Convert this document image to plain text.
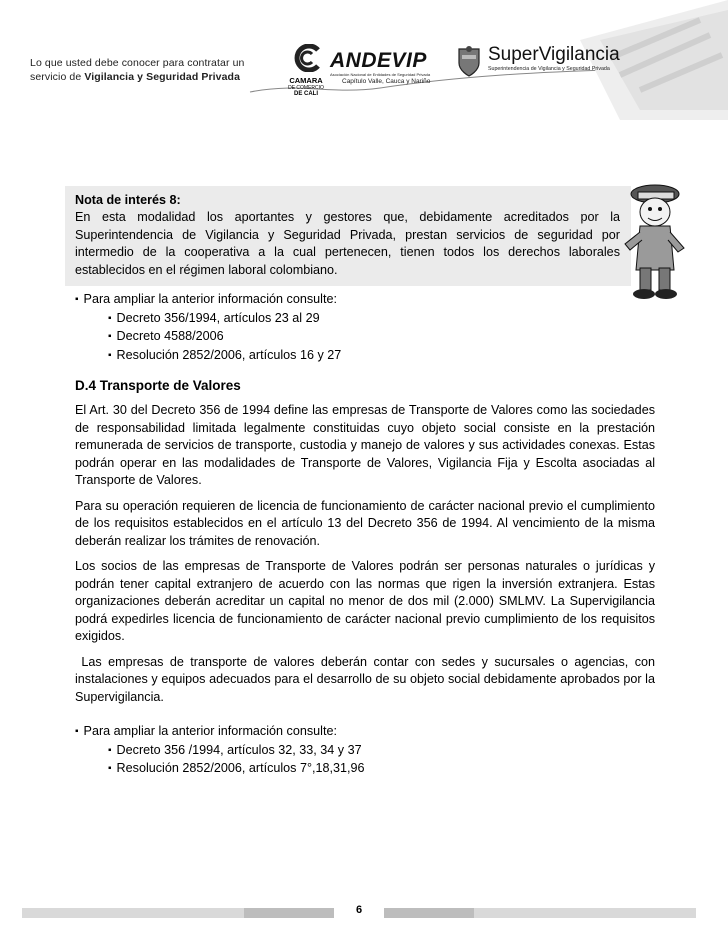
Lo que usted debe conocer para contratar un
servicio de Vigilancia y Seguridad Privada	CAMARA
DE COMERCIO
DE CALI
ANDEVIP
Asociación Nacional de Entidades de Seguridad Privada
Capítulo Valle, Cauca y Nariño
SuperVigilancia
Superintendencia de Vigilancia y Seguridad Privada
Nota de interés 8:
En esta modalidad los aportantes y gestores que, debidamente acreditados por la Superintendencia de Vigilancia y Seguridad Privada, prestan servicios de seguridad por intermedio de la cooperativa a la cual pertenecen, tienen todos los derechos laborales establecidos en el régimen laboral colombiano.
▪ Para ampliar la anterior información consulte:
▪ Decreto 356/1994, artículos 23 al 29
▪ Decreto 4588/2006
▪ Resolución 2852/2006, artículos 16 y 27
D.4 Transporte de Valores
El Art. 30 del Decreto 356 de 1994 define las empresas de Transporte de Valores como las sociedades de responsabilidad limitada legalmente constituidas cuyo objeto social consiste en la prestación remunerada de servicios de transporte, custodia y manejo de valores y sus actividades conexas. Estas podrán operar en las modalidades de Transporte de Valores, Vigilancia Fija y Escolta asociadas al Transporte de Valores.
Para su operación requieren de licencia de funcionamiento de carácter nacional previo el cumplimiento de los requisitos establecidos en el artículo 13 del Decreto 356 de 1994. Al vencimiento de la misma deberán realizar los trámites de renovación.
Los socios de las empresas de Transporte de Valores podrán ser personas naturales o jurídicas y podrán tener capital extranjero de acuerdo con las normas que rigen la inversión extranjera. Estas organizaciones deberán acreditar un capital no menor de dos mil (2.000) SMLMV. La Supervigilancia podrá expedirles licencia de funcionamiento de carácter nacional previo cumplimiento de los requisitos exigidos.
Las empresas de transporte de valores deberán contar con sedes y sucursales o agencias, con instalaciones y equipos adecuados para el desarrollo de su objeto social debidamente aprobados por la Supervigilancia.
▪ Para ampliar la anterior información consulte:
▪ Decreto 356 /1994, artículos 32, 33, 34 y 37
▪ Resolución 2852/2006, artículos 7°,18,31,96
6
